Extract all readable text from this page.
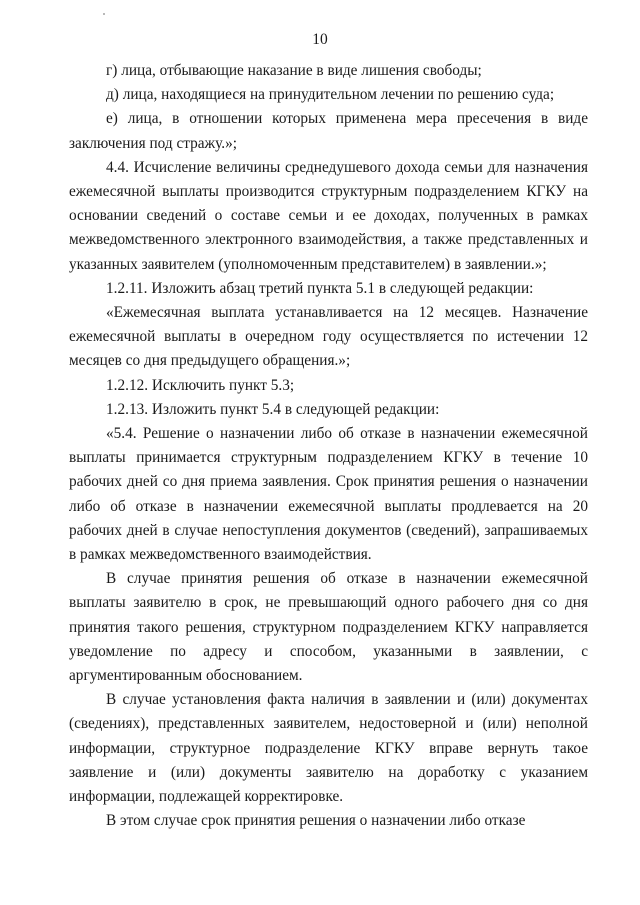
10

г) лица, отбывающие наказание в виде лишения свободы;

д) лица, находящиеся на принудительном лечении по решению суда;

е) лица, в отношении которых применена мера пресечения в виде заключения под стражу.»;

4.4. Исчисление величины среднедушевого дохода семьи для назначения ежемесячной выплаты производится структурным подразделением КГКУ на основании сведений о составе семьи и ее доходах, полученных в рамках межведомственного электронного взаимодействия, а также представленных и указанных заявителем (уполномоченным представителем) в заявлении.»;

1.2.11. Изложить абзац третий пункта 5.1 в следующей редакции:

«Ежемесячная выплата устанавливается на 12 месяцев. Назначение ежемесячной выплаты в очередном году осуществляется по истечении 12 месяцев со дня предыдущего обращения.»;

1.2.12. Исключить пункт 5.3;

1.2.13. Изложить пункт 5.4 в следующей редакции:

«5.4. Решение о назначении либо об отказе в назначении ежемесячной выплаты принимается структурным подразделением КГКУ в течение 10 рабочих дней со дня приема заявления. Срок принятия решения о назначении либо об отказе в назначении ежемесячной выплаты продлевается на 20 рабочих дней в случае непоступления документов (сведений), запрашиваемых в рамках межведомственного взаимодействия.

В случае принятия решения об отказе в назначении ежемесячной выплаты заявителю в срок, не превышающий одного рабочего дня со дня принятия такого решения, структурном подразделением КГКУ направляется уведомление по адресу и способом, указанными в заявлении, с аргументированным обоснованием.

В случае установления факта наличия в заявлении и (или) документах (сведениях), представленных заявителем, недостоверной и (или) неполной информации, структурное подразделение КГКУ вправе вернуть такое заявление и (или) документы заявителю на доработку с указанием информации, подлежащей корректировке.

В этом случае срок принятия решения о назначении либо отказе
